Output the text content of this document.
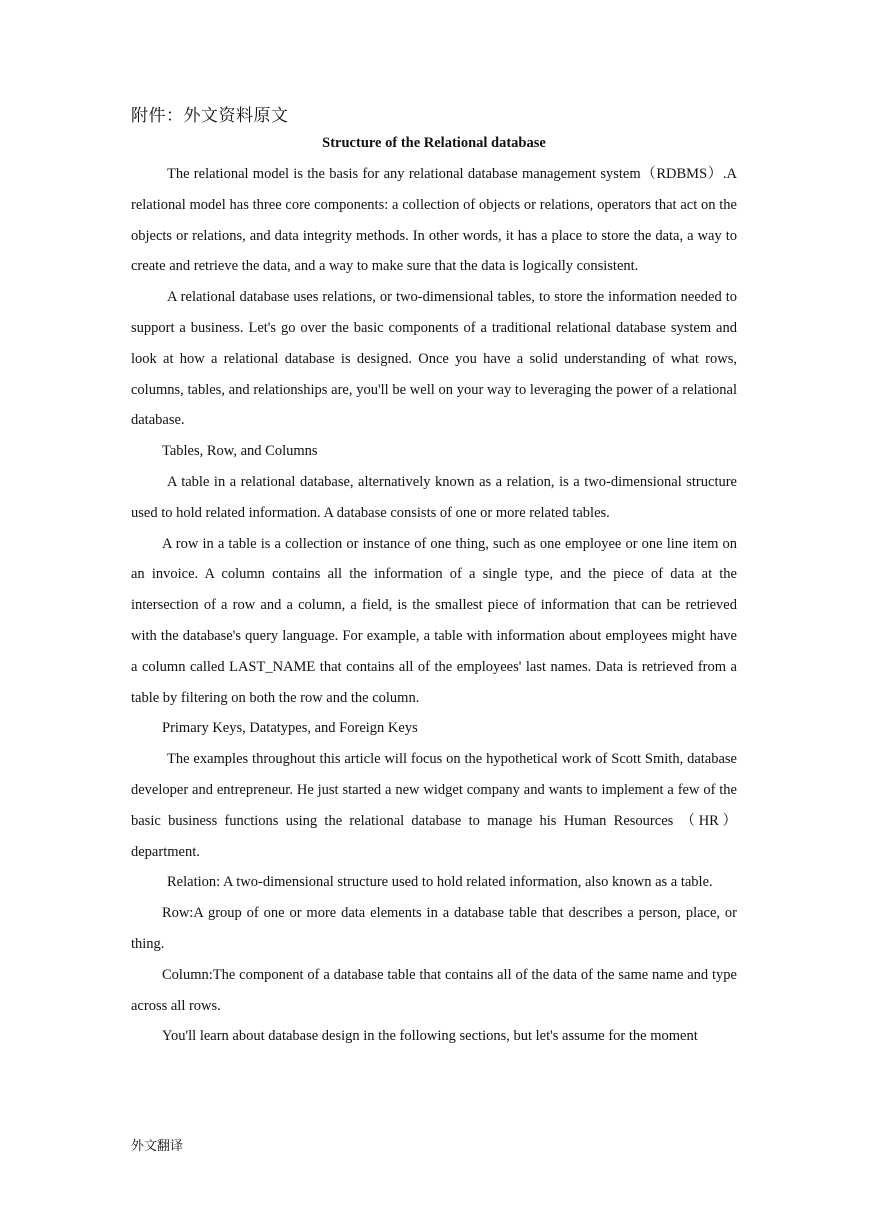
附件：外文资料原文
Structure of the Relational database

The relational model is the basis for any relational database management system（RDBMS）.A relational model has three core components: a collection of objects or relations, operators that act on the objects or relations, and data integrity methods. In other words, it has a place to store the data, a way to create and retrieve the data, and a way to make sure that the data is logically consistent.

A relational database uses relations, or two-dimensional tables, to store the information needed to support a business. Let's go over the basic components of a traditional relational database system and look at how a relational database is designed. Once you have a solid understanding of what rows, columns, tables, and relationships are, you'll be well on your way to leveraging the power of a relational database.

Tables, Row, and Columns

A table in a relational database, alternatively known as a relation, is a two-dimensional structure used to hold related information. A database consists of one or more related tables.

A row in a table is a collection or instance of one thing, such as one employee or one line item on an invoice. A column contains all the information of a single type, and the piece of data at the intersection of a row and a column, a field, is the smallest piece of information that can be retrieved with the database's query language. For example, a table with information about employees might have a column called LAST_NAME that contains all of the employees' last names. Data is retrieved from a table by filtering on both the row and the column.

Primary Keys, Datatypes, and Foreign Keys

The examples throughout this article will focus on the hypothetical work of Scott Smith, database developer and entrepreneur. He just started a new widget company and wants to implement a few of the basic business functions using the relational database to manage his Human Resources （HR） department.

Relation: A two-dimensional structure used to hold related information, also known as a table.

Row:A group of one or more data elements in a database table that describes a person, place, or thing.

Column:The component of a database table that contains all of the data of the same name and type across all rows.

You'll learn about database design in the following sections, but let's assume for the moment

外文翻译
